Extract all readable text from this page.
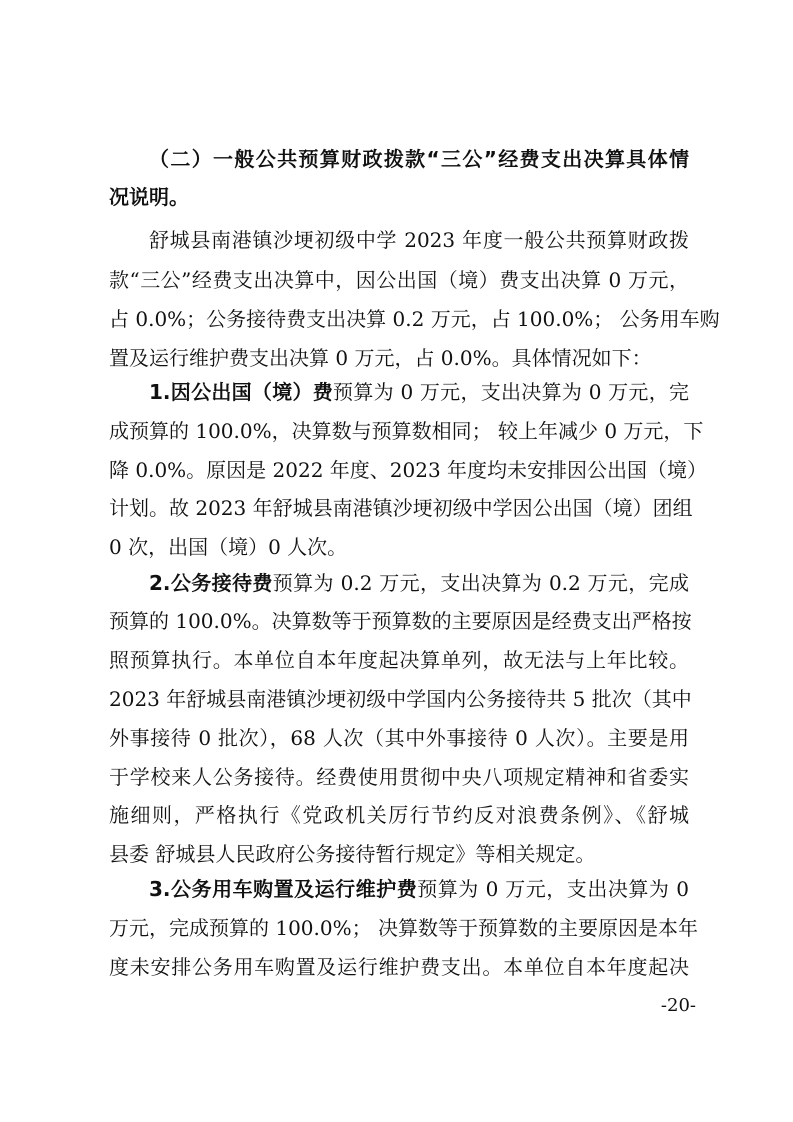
（二）一般公共预算财政拨款“三公”经费支出决算具体情
况说明。
舒城县南港镇沙埂初级中学 2023 年度一般公共预算财政拨
款“三公”经费支出决算中，因公出国（境）费支出决算 0 万元，
占 0.0%；公务接待费支出决算 0.2 万元，占 100.0%； 公务用车购
置及运行维护费支出决算 0 万元，占 0.0%。具体情况如下：
1.因公出国（境）费预算为 0 万元，支出决算为 0 万元，完
成预算的 100.0%，决算数与预算数相同； 较上年减少 0 万元，下
降 0.0%。原因是 2022 年度、2023 年度均未安排因公出国（境）
计划。故 2023 年舒城县南港镇沙埂初级中学因公出国（境）团组
0 次，出国（境）0 人次。
2.公务接待费预算为 0.2 万元，支出决算为 0.2 万元，完成
预算的 100.0%。决算数等于预算数的主要原因是经费支出严格按
照预算执行。本单位自本年度起决算单列，故无法与上年比较。
2023 年舒城县南港镇沙埂初级中学国内公务接待共 5 批次（其中
外事接待 0 批次），68 人次（其中外事接待 0 人次）。主要是用
于学校来人公务接待。经费使用贯彻中央八项规定精神和省委实
施细则，严格执行《党政机关厉行节约反对浪费条例》、《舒城
县委 舒城县人民政府公务接待暂行规定》等相关规定。
3.公务用车购置及运行维护费预算为 0 万元，支出决算为 0
万元，完成预算的 100.0%； 决算数等于预算数的主要原因是本年
度未安排公务用车购置及运行维护费支出。本单位自本年度起决
-20-
